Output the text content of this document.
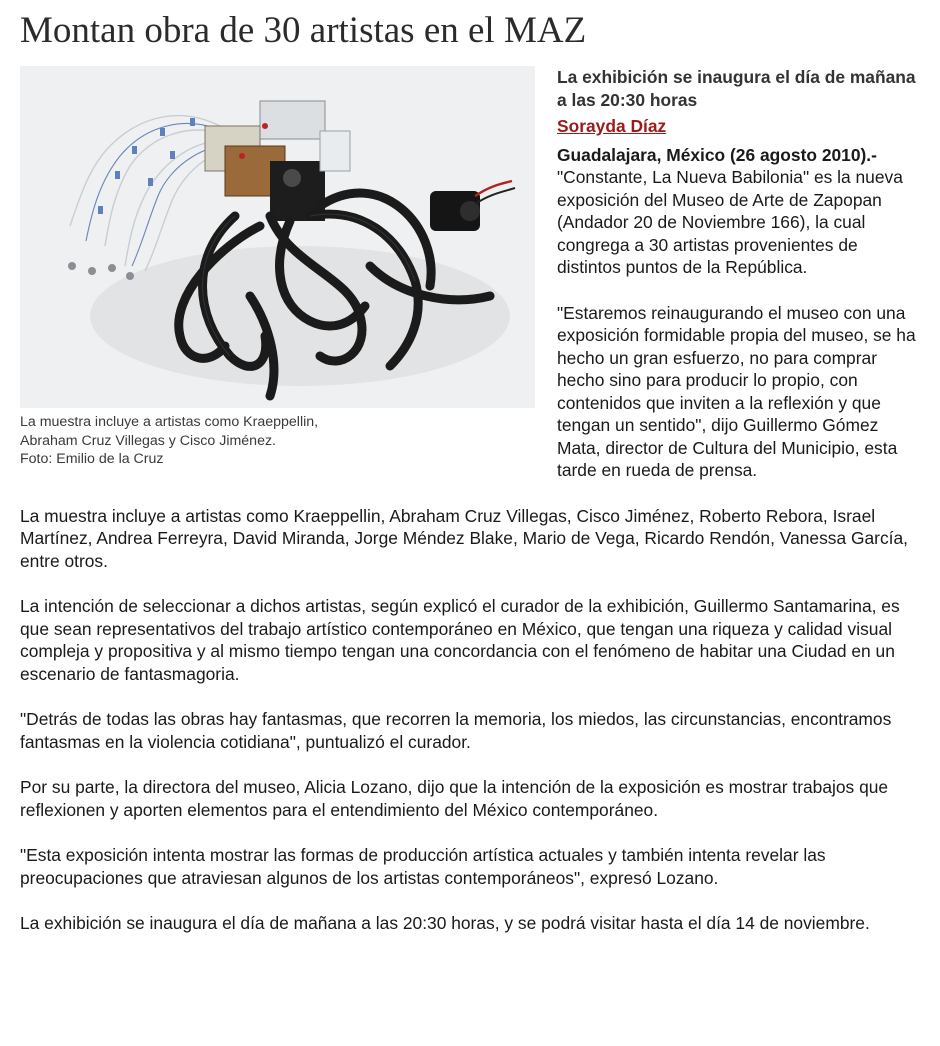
Montan obra de 30 artistas en el MAZ
La muestra incluye a artistas como Kraeppellin,
Abraham Cruz Villegas y Cisco Jiménez.
Foto: Emilio de la Cruz
La exhibición se inaugura el día de mañana a las 20:30 horas
Sorayda Díaz

Guadalajara, México (26 agosto 2010).- "Constante, La Nueva Babilonia" es la nueva exposición del Museo de Arte de Zapopan (Andador 20 de Noviembre 166), la cual congrega a 30 artistas provenientes de distintos puntos de la República.

"Estaremos reinaugurando el museo con una exposición formidable propia del museo, se ha hecho un gran esfuerzo, no para comprar hecho sino para producir lo propio, con contenidos que inviten a la reflexión y que tengan un sentido", dijo Guillermo Gómez Mata, director de Cultura del Municipio, esta tarde en rueda de prensa.

La muestra incluye a artistas como Kraeppellin, Abraham Cruz Villegas, Cisco Jiménez, Roberto Rebora, Israel Martínez, Andrea Ferreyra, David Miranda, Jorge Méndez Blake, Mario de Vega, Ricardo Rendón, Vanessa García, entre otros.

La intención de seleccionar a dichos artistas, según explicó el curador de la exhibición, Guillermo Santamarina, es que sean representativos del trabajo artístico contemporáneo en México, que tengan una riqueza y calidad visual compleja y propositiva y al mismo tiempo tengan una concordancia con el fenómeno de habitar una Ciudad en un escenario de fantasmagoria.

"Detrás de todas las obras hay fantasmas, que recorren la memoria, los miedos, las circunstancias, encontramos fantasmas en la violencia cotidiana", puntualizó el curador.

Por su parte, la directora del museo, Alicia Lozano, dijo que la intención de la exposición es mostrar trabajos que reflexionen y aporten elementos para el entendimiento del México contemporáneo.

"Esta exposición intenta mostrar las formas de producción artística actuales y también intenta revelar las preocupaciones que atraviesan algunos de los artistas contemporáneos", expresó Lozano.

La exhibición se inaugura el día de mañana a las 20:30 horas, y se podrá visitar hasta el día 14 de noviembre.
